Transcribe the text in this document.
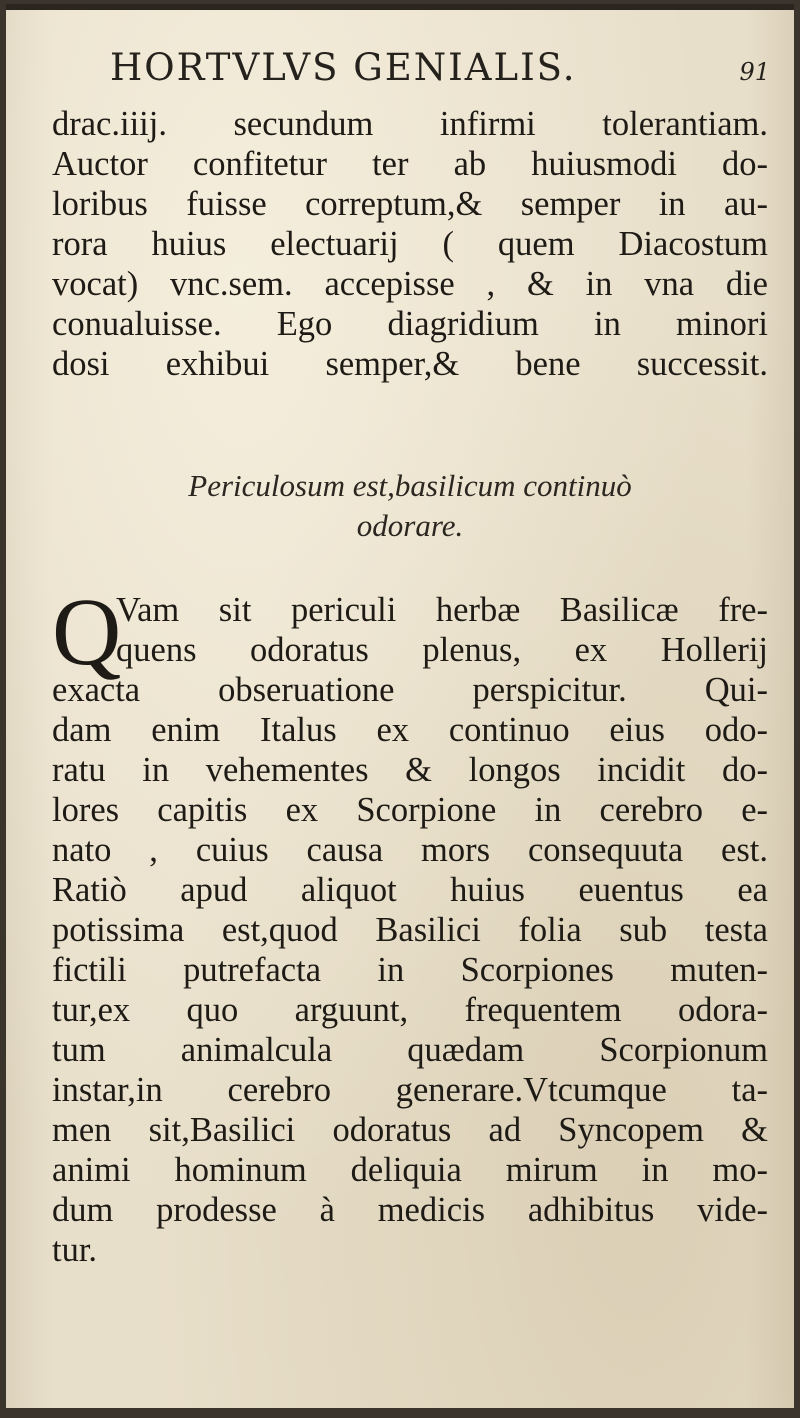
HORTVLVS GENIALIS.	91
drac.iiij. secundum infirmi tolerantiam.
Auctor confitetur ter ab huiusmodi do-
loribus fuisse correptum,& semper in au-
rora huius electuarij ( quem Diacostum
vocat) vnc.sem. accepisse , & in vna die
conualuisse. Ego diagridium in minori
dosi exhibui semper,& bene successit.
Periculosum est,basilicum continuò
odorare.
Q
Vam sit periculi herbæ Basilicæ fre-
quens odoratus plenus, ex Hollerij
exacta obseruatione perspicitur. Qui-
dam enim Italus ex continuo eius odo-
ratu in vehementes & longos incidit do-
lores capitis ex Scorpione in cerebro e-
nato , cuius causa mors consequuta est.
Ratiò apud aliquot huius euentus ea
potissima est,quod Basilici folia sub testa
fictili putrefacta in Scorpiones muten-
tur,ex quo arguunt, frequentem odora-
tum animalcula quædam Scorpionum
instar,in cerebro generare.Vtcumque ta-
men sit,Basilici odoratus ad Syncopem &
animi hominum deliquia mirum in mo-
dum prodesse à medicis adhibitus vide-
tur.
